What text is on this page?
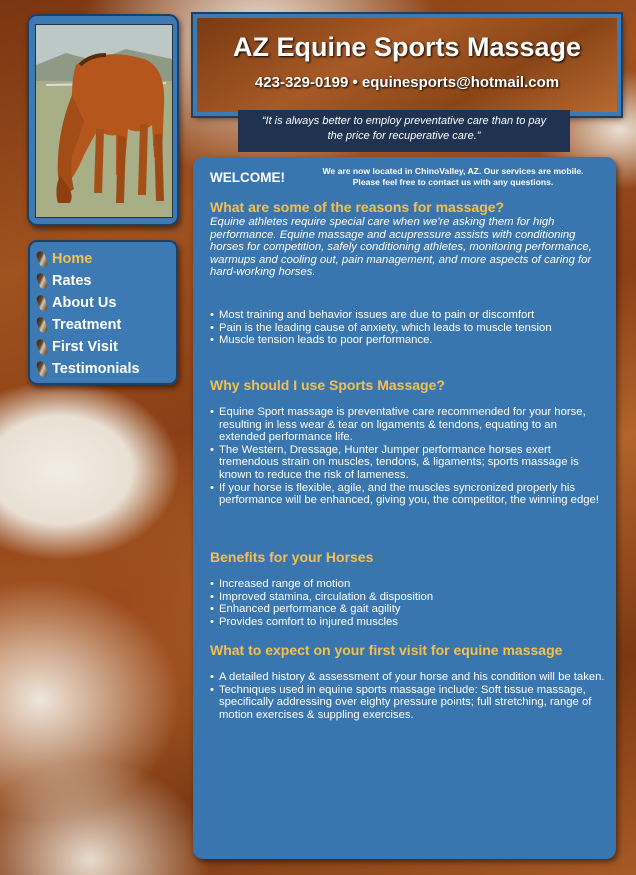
Home
Rates
About Us
Treatment
First Visit
Testimonials
AZ Equine Sports Massage
423-329-0199 • equinesports@hotmail.com
“It is always better to employ preventative care than to pay the price for recuperative care.”
WELCOME!	We are now located in ChinoValley, AZ. Our services are mobile.
Please feel free to contact us with any questions.
What are some of the reasons for massage?
Equine athletes require special care when we're asking them for high performance. Equine massage and acupressure assists with conditioning horses for competition, safely conditioning athletes, monitoring performance, warmups and cooling out, pain management, and more aspects of caring for hard-working horses.
• Most training and behavior issues are due to pain or discomfort
• Pain is the leading cause of anxiety, which leads to muscle tension
• Muscle tension leads to poor performance.
Why should I use Sports Massage?
• Equine Sport massage is preventative care recommended for your horse, resulting in less wear & tear on ligaments & tendons, equating to an extended performance life.
• The Western, Dressage, Hunter Jumper performance horses exert tremendous strain on muscles, tendons, & ligaments; sports massage is known to reduce the risk of lameness.
• If your horse is flexible, agile, and the muscles syncronized properly his performance will be enhanced, giving you, the competitor, the winning edge!
Benefits for your Horses
• Increased range of motion
• Improved stamina, circulation & disposition
• Enhanced performance & gait agility
• Provides comfort to injured muscles
What to expect on your first visit for equine massage
• A detailed history & assessment of your horse and his condition will be taken.
• Techniques used in equine sports massage include: Soft tissue massage, specifically addressing over eighty pressure points; full stretching, range of motion exercises & suppling exercises.
